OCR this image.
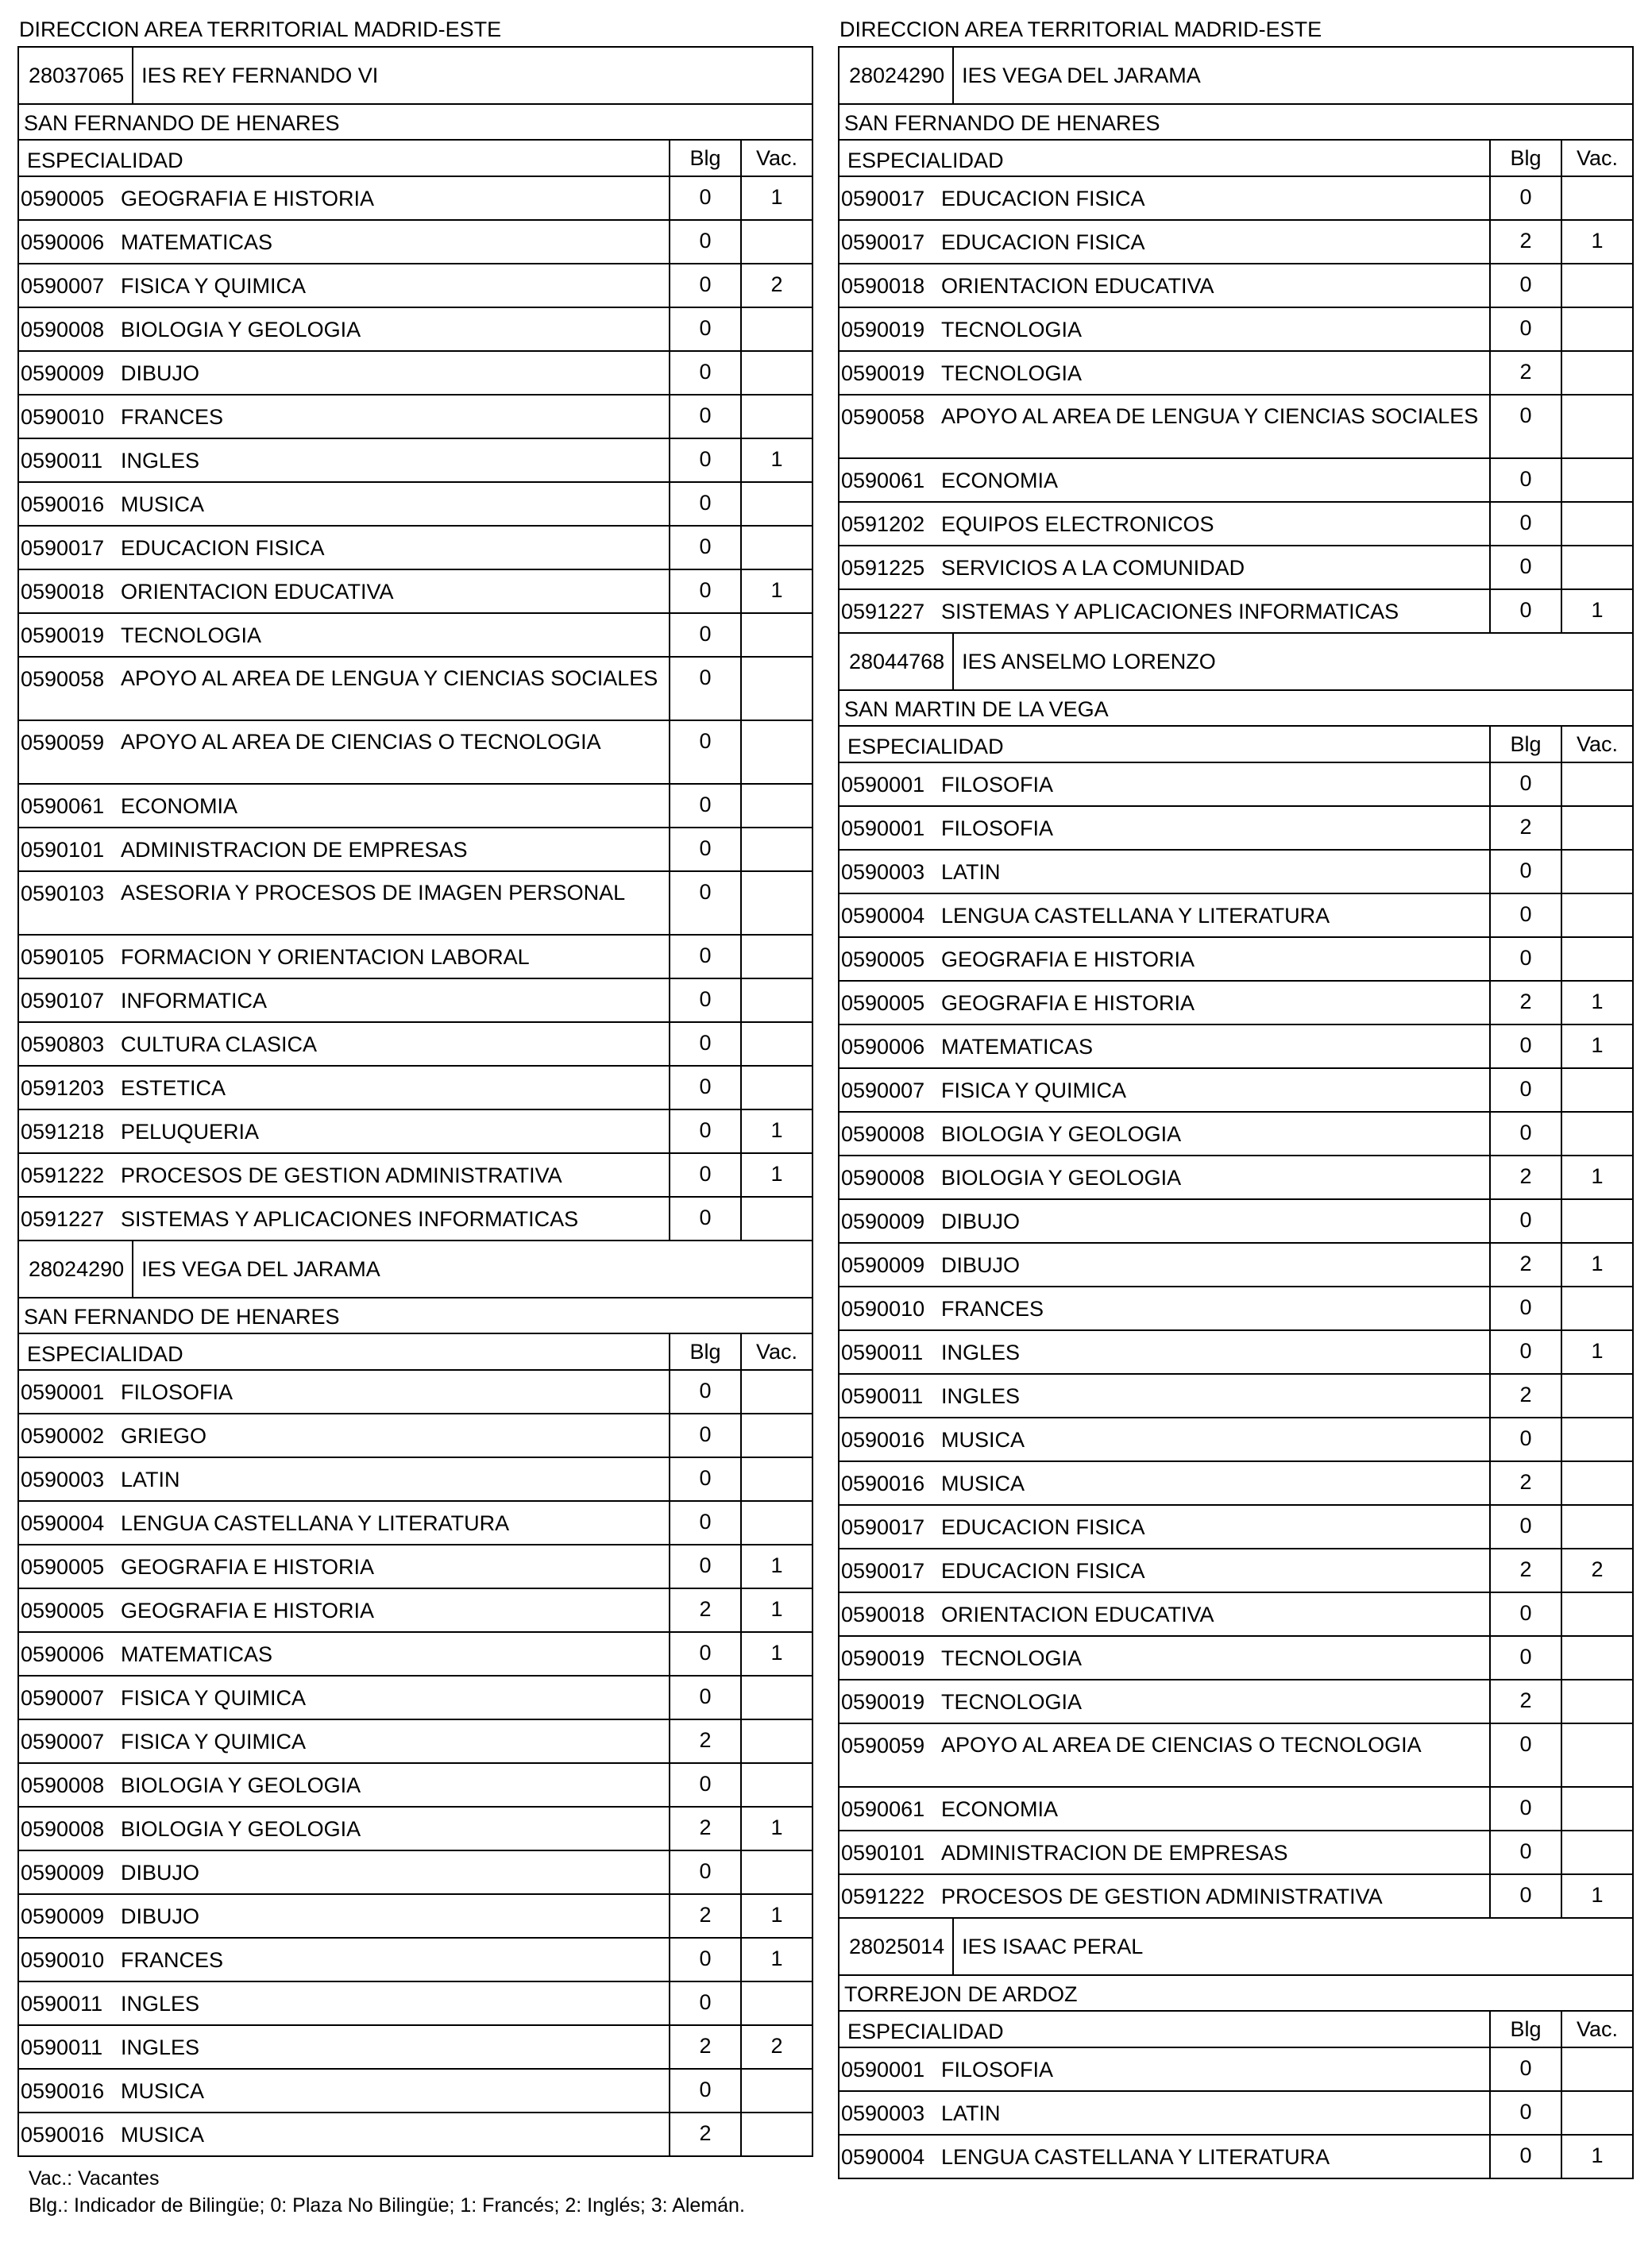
DIRECCION AREA TERRITORIAL MADRID-ESTE
28037065 IES REY FERNANDO VI
SAN FERNANDO DE HENARES
ESPECIALIDAD	Blg	Vac.
0590005 GEOGRAFIA E HISTORIA	0	1
0590006 MATEMATICAS	0
0590007 FISICA Y QUIMICA	0	2
0590008 BIOLOGIA Y GEOLOGIA	0
0590009 DIBUJO	0
0590010 FRANCES	0
0590011 INGLES	0	1
0590016 MUSICA	0
0590017 EDUCACION FISICA	0
0590018 ORIENTACION EDUCATIVA	0	1
0590019 TECNOLOGIA	0
0590058 APOYO AL AREA DE LENGUA Y CIENCIAS SOCIALES	0
0590059 APOYO AL AREA DE CIENCIAS O TECNOLOGIA	0
0590061 ECONOMIA	0
0590101 ADMINISTRACION DE EMPRESAS	0
0590103 ASESORIA Y PROCESOS DE IMAGEN PERSONAL	0
0590105 FORMACION Y ORIENTACION LABORAL	0
0590107 INFORMATICA	0
0590803 CULTURA CLASICA	0
0591203 ESTETICA	0
0591218 PELUQUERIA	0	1
0591222 PROCESOS DE GESTION ADMINISTRATIVA	0	1
0591227 SISTEMAS Y APLICACIONES INFORMATICAS	0
28024290 IES VEGA DEL JARAMA
SAN FERNANDO DE HENARES
ESPECIALIDAD	Blg	Vac.
0590001 FILOSOFIA	0
0590002 GRIEGO	0
0590003 LATIN	0
0590004 LENGUA CASTELLANA Y LITERATURA	0
0590005 GEOGRAFIA E HISTORIA	0	1
0590005 GEOGRAFIA E HISTORIA	2	1
0590006 MATEMATICAS	0	1
0590007 FISICA Y QUIMICA	0
0590007 FISICA Y QUIMICA	2
0590008 BIOLOGIA Y GEOLOGIA	0
0590008 BIOLOGIA Y GEOLOGIA	2	1
0590009 DIBUJO	0
0590009 DIBUJO	2	1
0590010 FRANCES	0	1
0590011 INGLES	0
0590011 INGLES	2	2
0590016 MUSICA	0
0590016 MUSICA	2
DIRECCION AREA TERRITORIAL MADRID-ESTE
28024290 IES VEGA DEL JARAMA
SAN FERNANDO DE HENARES
ESPECIALIDAD	Blg	Vac.
0590017 EDUCACION FISICA	0
0590017 EDUCACION FISICA	2	1
0590018 ORIENTACION EDUCATIVA	0
0590019 TECNOLOGIA	0
0590019 TECNOLOGIA	2
0590058 APOYO AL AREA DE LENGUA Y CIENCIAS SOCIALES	0
0590061 ECONOMIA	0
0591202 EQUIPOS ELECTRONICOS	0
0591225 SERVICIOS A LA COMUNIDAD	0
0591227 SISTEMAS Y APLICACIONES INFORMATICAS	0	1
28044768 IES ANSELMO LORENZO
SAN MARTIN DE LA VEGA
ESPECIALIDAD	Blg	Vac.
0590001 FILOSOFIA	0
0590001 FILOSOFIA	2
0590003 LATIN	0
0590004 LENGUA CASTELLANA Y LITERATURA	0
0590005 GEOGRAFIA E HISTORIA	0
0590005 GEOGRAFIA E HISTORIA	2	1
0590006 MATEMATICAS	0	1
0590007 FISICA Y QUIMICA	0
0590008 BIOLOGIA Y GEOLOGIA	0
0590008 BIOLOGIA Y GEOLOGIA	2	1
0590009 DIBUJO	0
0590009 DIBUJO	2	1
0590010 FRANCES	0
0590011 INGLES	0	1
0590011 INGLES	2
0590016 MUSICA	0
0590016 MUSICA	2
0590017 EDUCACION FISICA	0
0590017 EDUCACION FISICA	2	2
0590018 ORIENTACION EDUCATIVA	0
0590019 TECNOLOGIA	0
0590019 TECNOLOGIA	2
0590059 APOYO AL AREA DE CIENCIAS O TECNOLOGIA	0
0590061 ECONOMIA	0
0590101 ADMINISTRACION DE EMPRESAS	0
0591222 PROCESOS DE GESTION ADMINISTRATIVA	0	1
28025014 IES ISAAC PERAL
TORREJON DE ARDOZ
ESPECIALIDAD	Blg	Vac.
0590001 FILOSOFIA	0
0590003 LATIN	0
0590004 LENGUA CASTELLANA Y LITERATURA	0	1
Vac.: Vacantes
Blg.: Indicador de Bilingüe; 0: Plaza No Bilingüe; 1: Francés; 2: Inglés; 3: Alemán.
